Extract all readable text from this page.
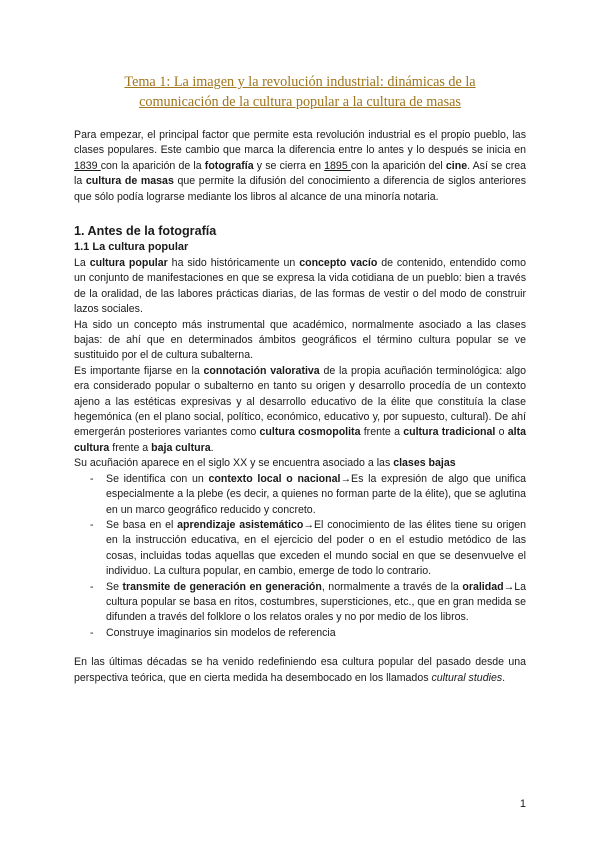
Tema 1: La imagen y la revolución industrial: dinámicas de la
comunicación de la cultura popular a la cultura de masas

Para empezar, el principal factor que permite esta revolución industrial es el propio pueblo, las clases populares. Este cambio que marca la diferencia entre lo antes y lo después se inicia en 1839 con la aparición de la fotografía y se cierra en 1895 con la aparición del cine. Así se crea la cultura de masas que permite la difusión del conocimiento a diferencia de siglos anteriores que sólo podía lograrse mediante los libros al alcance de una minoría notaria.

1. Antes de la fotografía
1.1 La cultura popular

La cultura popular ha sido históricamente un concepto vacío de contenido, entendido como un conjunto de manifestaciones en que se expresa la vida cotidiana de un pueblo: bien a través de la oralidad, de las labores prácticas diarias, de las formas de vestir o del modo de construir lazos sociales.

Ha sido un concepto más instrumental que académico, normalmente asociado a las clases bajas: de ahí que en determinados ámbitos geográficos el término cultura popular se ve sustituido por el de cultura subalterna.

Es importante fijarse en la connotación valorativa de la propia acuñación terminológica: algo era considerado popular o subalterno en tanto su origen y desarrollo procedía de un contexto ajeno a las estéticas expresivas y al desarrollo educativo de la élite que constituía la clase hegemónica (en el plano social, político, económico, educativo y, por supuesto, cultural). De ahí emergerán posteriores variantes como cultura cosmopolita frente a cultura tradicional o alta cultura frente a baja cultura.

Su acuñación aparece en el siglo XX y se encuentra asociado a las clases bajas

- Se identifica con un contexto local o nacional→Es la expresión de algo que unifica especialmente a la plebe (es decir, a quienes no forman parte de la élite), que se aglutina en un marco geográfico reducido y concreto.
- Se basa en el aprendizaje asistemático→El conocimiento de las élites tiene su origen en la instrucción educativa, en el ejercicio del poder o en el estudio metódico de las cosas, incluidas todas aquellas que exceden el mundo social en que se desenvuelve el individuo. La cultura popular, en cambio, emerge de todo lo contrario.
- Se transmite de generación en generación, normalmente a través de la oralidad→La cultura popular se basa en ritos, costumbres, supersticiones, etc., que en gran medida se difunden a través del folklore o los relatos orales y no por medio de los libros.
- Construye imaginarios sin modelos de referencia

En las últimas décadas se ha venido redefiniendo esa cultura popular del pasado desde una perspectiva teórica, que en cierta medida ha desembocado en los llamados cultural studies.

1
